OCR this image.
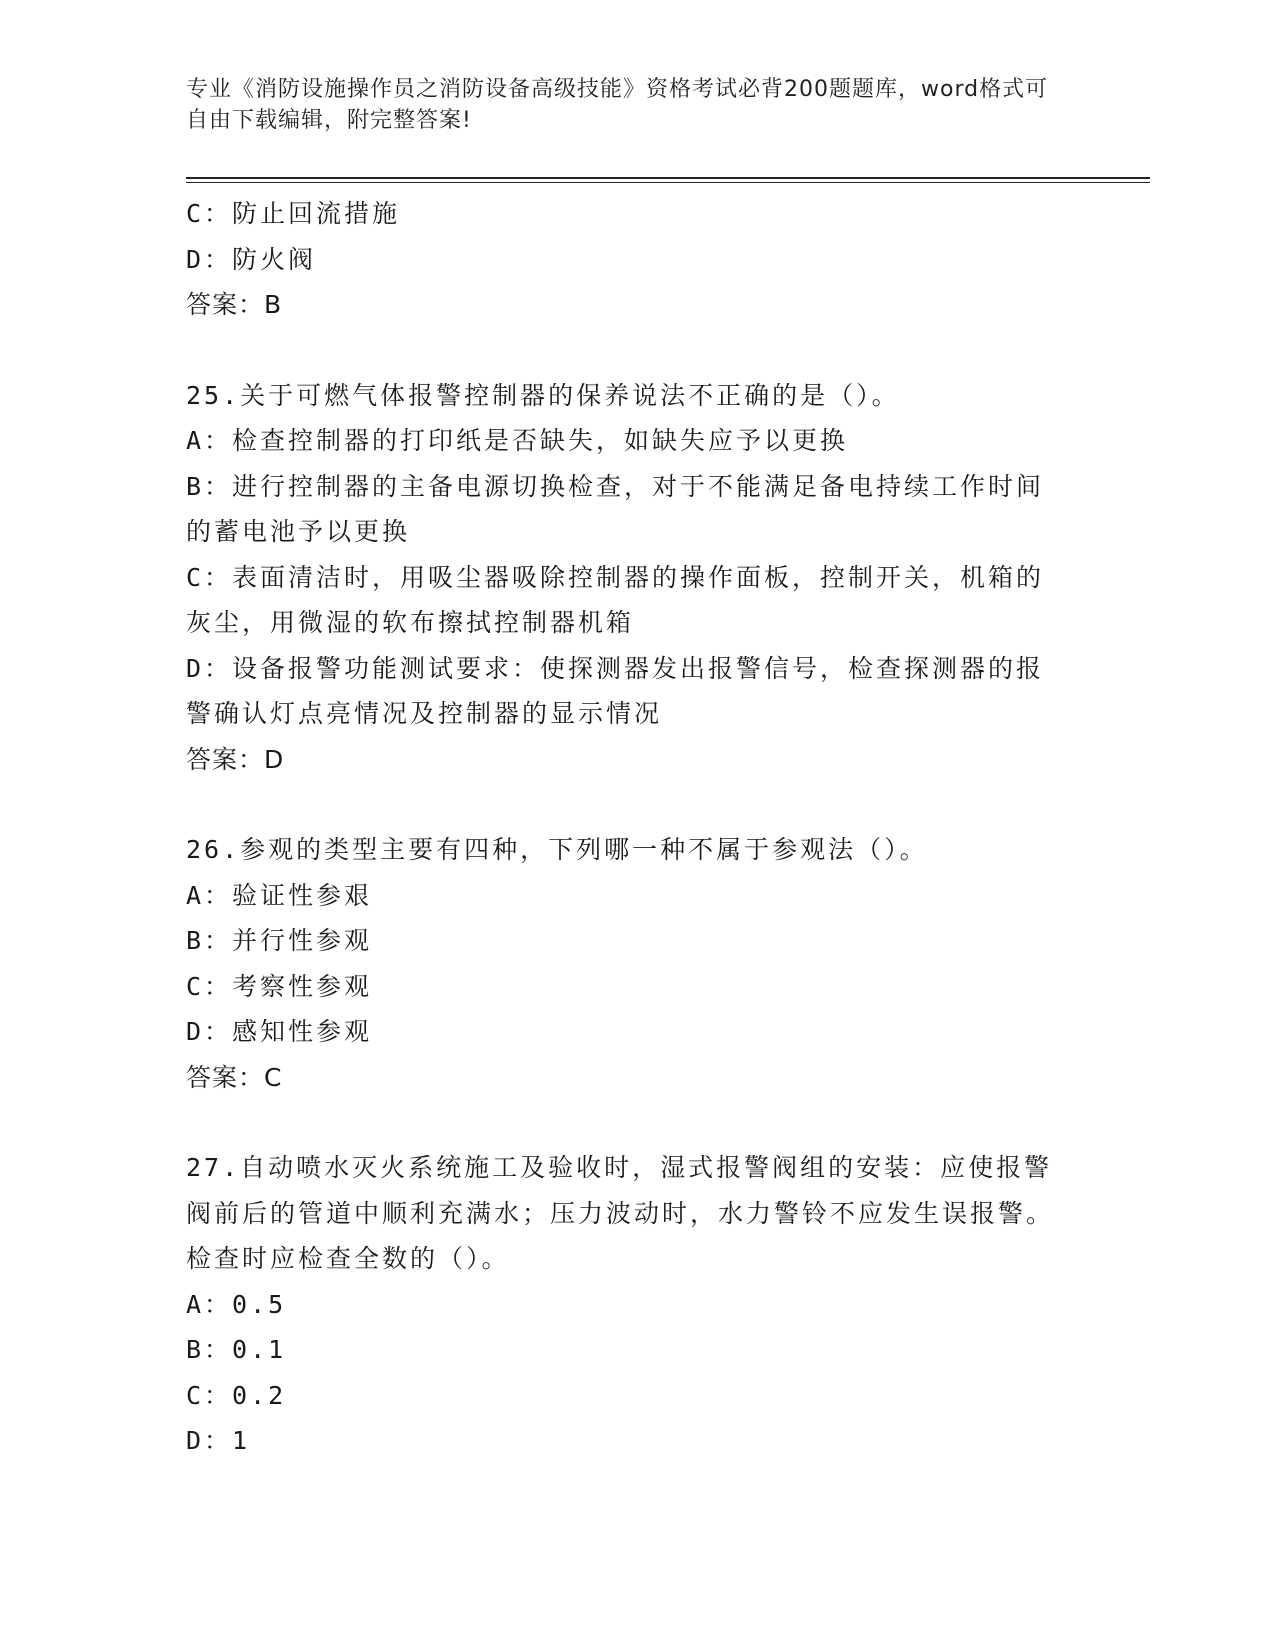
专业《消防设施操作员之消防设备高级技能》资格考试必背200题题库，word格式可自由下载编辑，附完整答案!
C：防止回流措施
D：防火阀
答案：B
25.关于可燃气体报警控制器的保养说法不正确的是（）。
A：检查控制器的打印纸是否缺失，如缺失应予以更换
B：进行控制器的主备电源切换检查，对于不能满足备电持续工作时间的蓄电池予以更换
C：表面清洁时，用吸尘器吸除控制器的操作面板，控制开关，机箱的灰尘，用微湿的软布擦拭控制器机箱
D：设备报警功能测试要求：使探测器发出报警信号，检查探测器的报警确认灯点亮情况及控制器的显示情况
答案：D
26.参观的类型主要有四种，下列哪一种不属于参观法（）。
A：验证性参艰
B：并行性参观
C：考察性参观
D：感知性参观
答案：C
27.自动喷水灭火系统施工及验收时，湿式报警阀组的安装：应使报警阀前后的管道中顺利充满水；压力波动时，水力警铃不应发生误报警。检查时应检查全数的（）。
A：0.5
B：0.1
C：0.2
D：1
